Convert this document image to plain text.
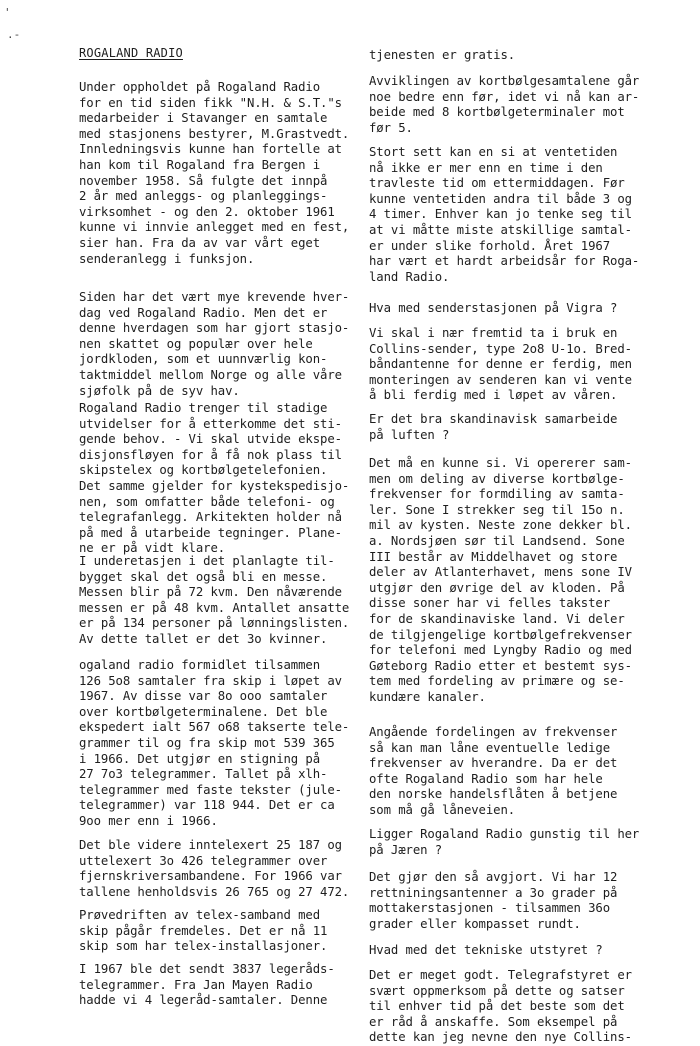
'
.-
ROGALAND RADIO

Under oppholdet på Rogaland Radio
for en tid siden fikk "N.H. & S.T."s
medarbeider i Stavanger en samtale
med stasjonens bestyrer, M.Grastvedt.
Innledningsvis kunne han fortelle at
han kom til Rogaland fra Bergen i
november 1958. Så fulgte det innpå
2 år med anleggs- og planleggings-
virksomhet - og den 2. oktober 1961
kunne vi innvie anlegget med en fest,
sier han. Fra da av var vårt eget
senderanlegg i funksjon.

Siden har det vært mye krevende hver-
dag ved Rogaland Radio. Men det er
denne hverdagen som har gjort stasjo-
nen skattet og populær over hele
jordkloden, som et uunnværlig kon-
taktmiddel mellom Norge og alle våre
sjøfolk på de syv hav.

Rogaland Radio trenger til stadige
utvidelser for å etterkomme det sti-
gende behov. - Vi skal utvide ekspe-
disjonsfløyen for å få nok plass til
skipstelex og kortbølgetelefonien.
Det samme gjelder for kystekspedisjo-
nen, som omfatter både telefoni- og
telegrafanlegg. Arkitekten holder nå
på med å utarbeide tegninger. Plane-
ne er på vidt klare.

I underetasjen i det planlagte til-
bygget skal det også bli en messe.
Messen blir på 72 kvm. Den nåværende
messen er på 48 kvm. Antallet ansatte
er på 134 personer på lønningslisten.
Av dette tallet er det 3o kvinner.

ogaland radio formidlet tilsammen
126 5o8 samtaler fra skip i løpet av
1967. Av disse var 8o ooo samtaler
over kortbølgeterminalene. Det ble
ekspedert ialt 567 o68 takserte tele-
grammer til og fra skip mot 539 365
i 1966. Det utgjør en stigning på
27 7o3 telegrammer. Tallet på xlh-
telegrammer med faste tekster (jule-
telegrammer) var 118 944. Det er ca
9oo mer enn i 1966.

Det ble videre inntelexert 25 187 og
uttelexert 3o 426 telegrammer over
fjernskriversambandene. For 1966 var
tallene henholdsvis 26 765 og 27 472.

Prøvedriften av telex-samband med
skip pågår fremdeles. Det er nå 11
skip som har telex-installasjoner.

I 1967 ble det sendt 3837 legeråds-
telegrammer. Fra Jan Mayen Radio
hadde vi 4 legeråd-samtaler. Denne

tjenesten er gratis.

Avviklingen av kortbølgesamtalene går
noe bedre enn før, idet vi nå kan ar-
beide med 8 kortbølgeterminaler mot
før 5.

Stort sett kan en si at ventetiden
nå ikke er mer enn en time i den
travleste tid om ettermiddagen. Før
kunne ventetiden andra til både 3 og
4 timer. Enhver kan jo tenke seg til
at vi måtte miste atskillige samtal-
er under slike forhold. Året 1967
har vært et hardt arbeidsår for Roga-
land Radio.

Hva med senderstasjonen på Vigra ?

Vi skal i nær fremtid ta i bruk en
Collins-sender, type 2o8 U-1o. Bred-
båndantenne for denne er ferdig, men
monteringen av senderen kan vi vente
å bli ferdig med i løpet av våren.

Er det bra skandinavisk samarbeide
på luften ?

Det må en kunne si. Vi opererer sam-
men om deling av diverse kortbølge-
frekvenser for formdiling av samta-
ler. Sone I strekker seg til 15o n.
mil av kysten. Neste zone dekker bl.
a. Nordsjøen sør til Landsend. Sone
III består av Middelhavet og store
deler av Atlanterhavet, mens sone IV
utgjør den øvrige del av kloden. På
disse soner har vi felles takster
for de skandinaviske land. Vi deler
de tilgjengelige kortbølgefrekvenser
for telefoni med Lyngby Radio og med
Gøteborg Radio etter et bestemt sys-
tem med fordeling av primære og se-
kundære kanaler.

Angående fordelingen av frekvenser
så kan man låne eventuelle ledige
frekvenser av hverandre. Da er det
ofte Rogaland Radio som har hele
den norske handelsflåten å betjene
som må gå låneveien.

Ligger Rogaland Radio gunstig til her
på Jæren ?

Det gjør den så avgjort. Vi har 12
rettniningsantenner a 3o grader på
mottakerstasjonen - tilsammen 36o
grader eller kompasset rundt.

Hvad med det tekniske utstyret ?

Det er meget godt. Telegrafstyret er
svært oppmerksom på dette og satser
til enhver tid på det beste som det
er råd å anskaffe. Som eksempel på
dette kan jeg nevne den nye Collins-
